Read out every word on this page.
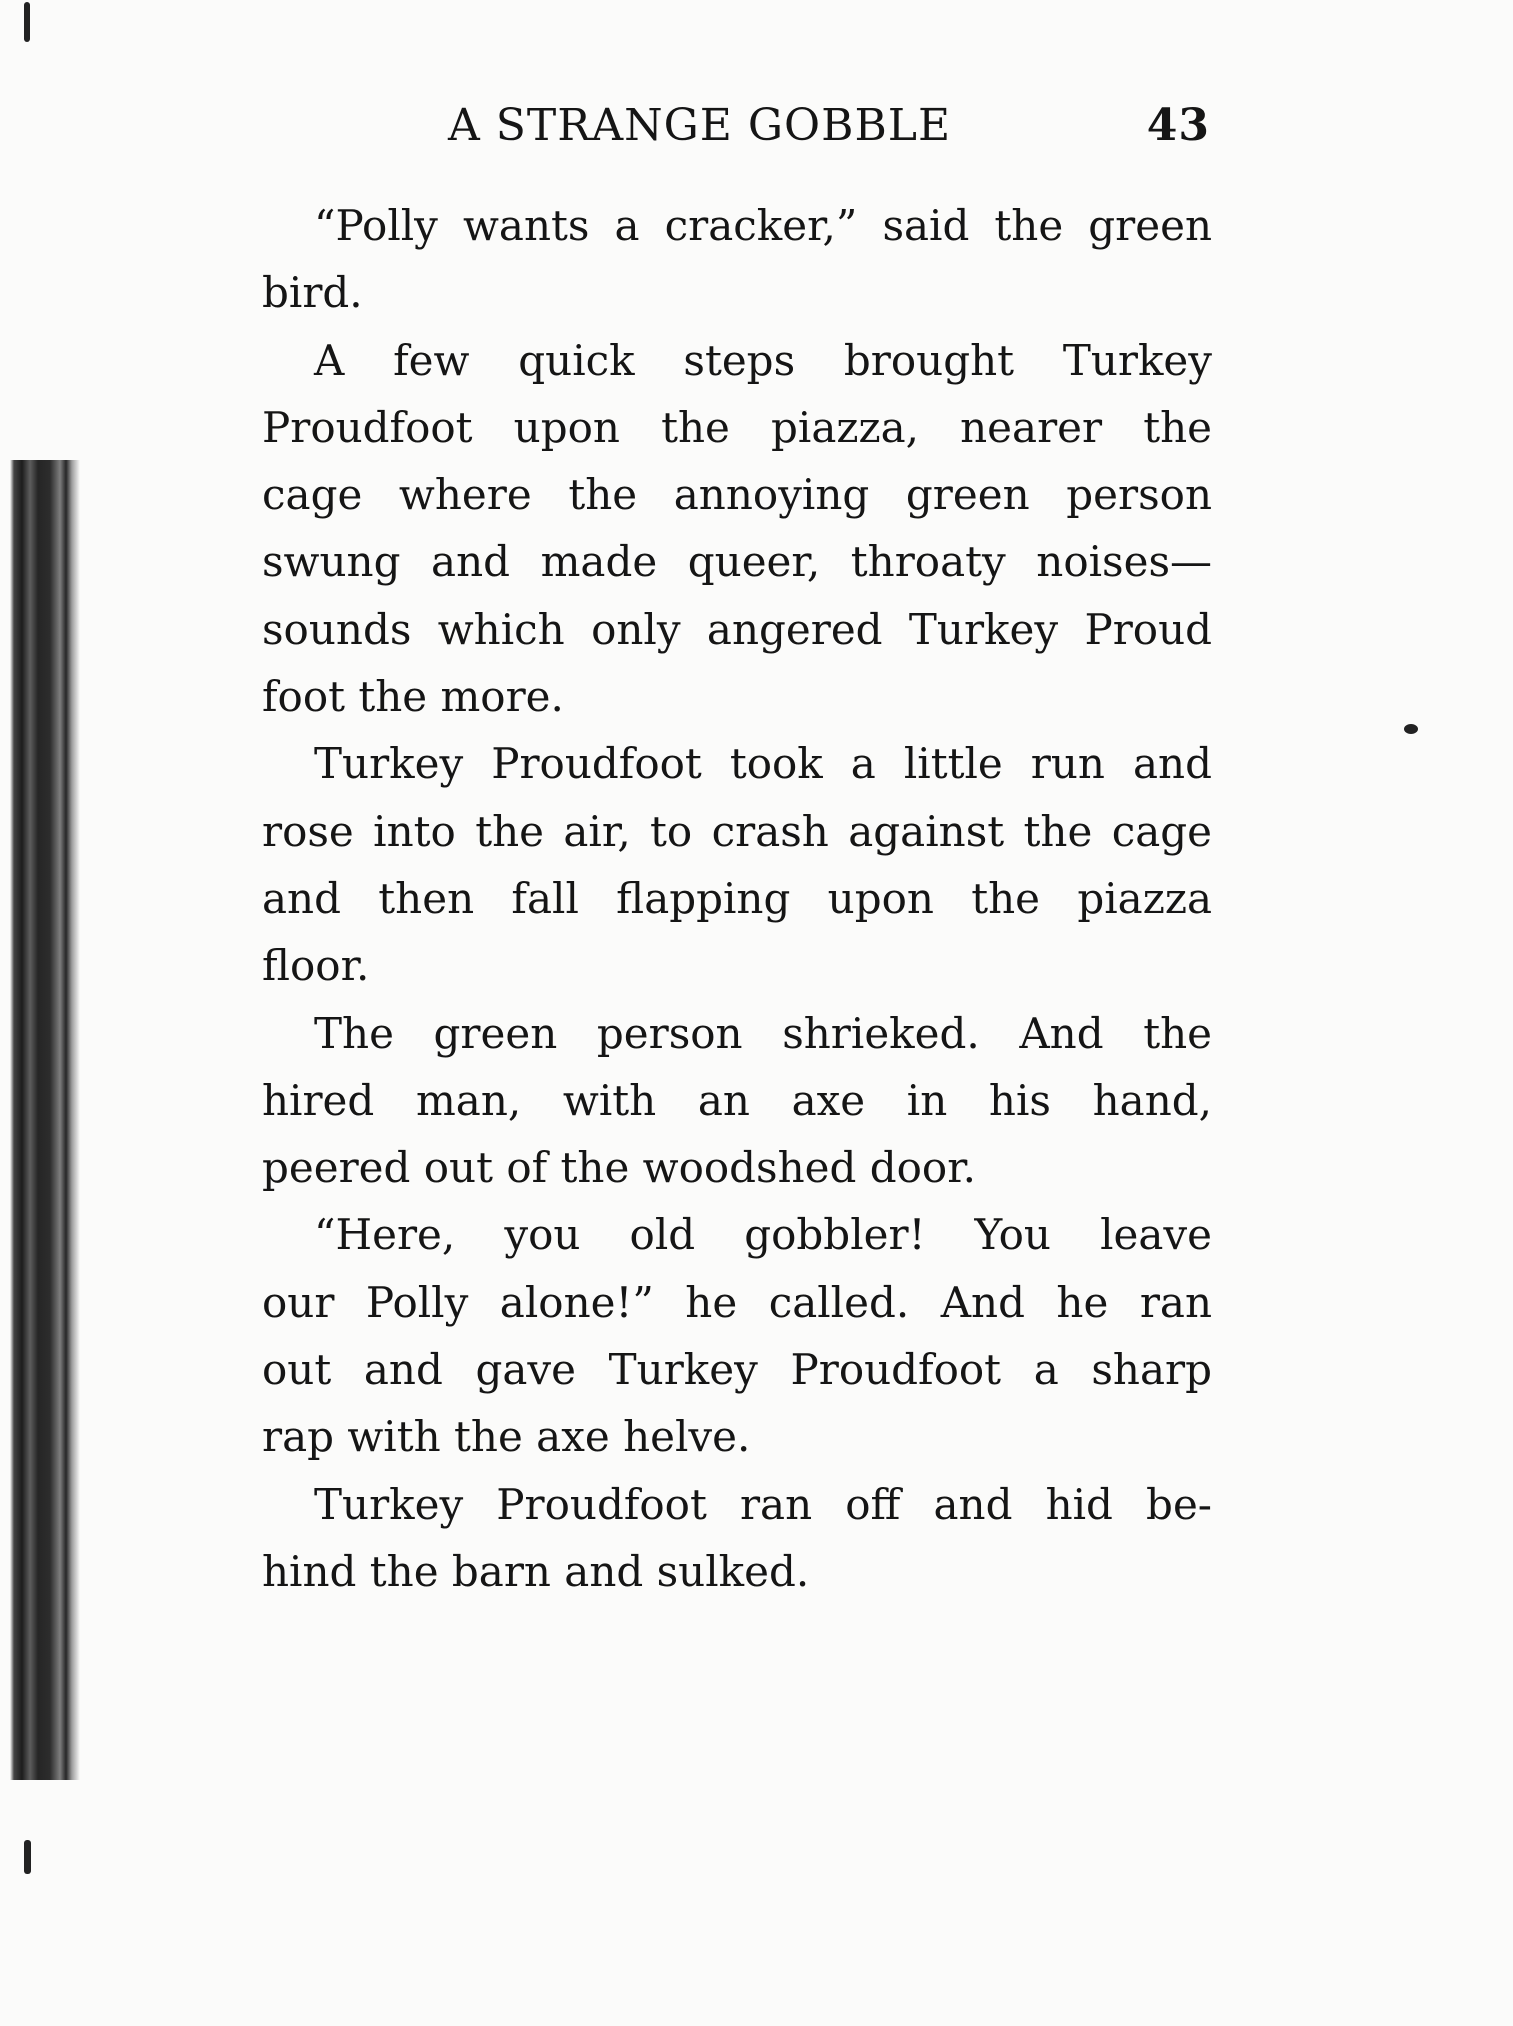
A STRANGE GOBBLE	43
“Polly wants a cracker,” said the green
bird.
A few quick steps brought Turkey
Proudfoot upon the piazza, nearer the
cage where the annoying green person
swung and made queer, throaty noises—
sounds which only angered Turkey Proud
foot the more.
Turkey Proudfoot took a little run and
rose into the air, to crash against the cage
and then fall flapping upon the piazza
floor.
The green person shrieked. And the
hired man, with an axe in his hand,
peered out of the woodshed door.
“Here, you old gobbler! You leave
our Polly alone!” he called. And he ran
out and gave Turkey Proudfoot a sharp
rap with the axe helve.
Turkey Proudfoot ran off and hid be-
hind the barn and sulked.
